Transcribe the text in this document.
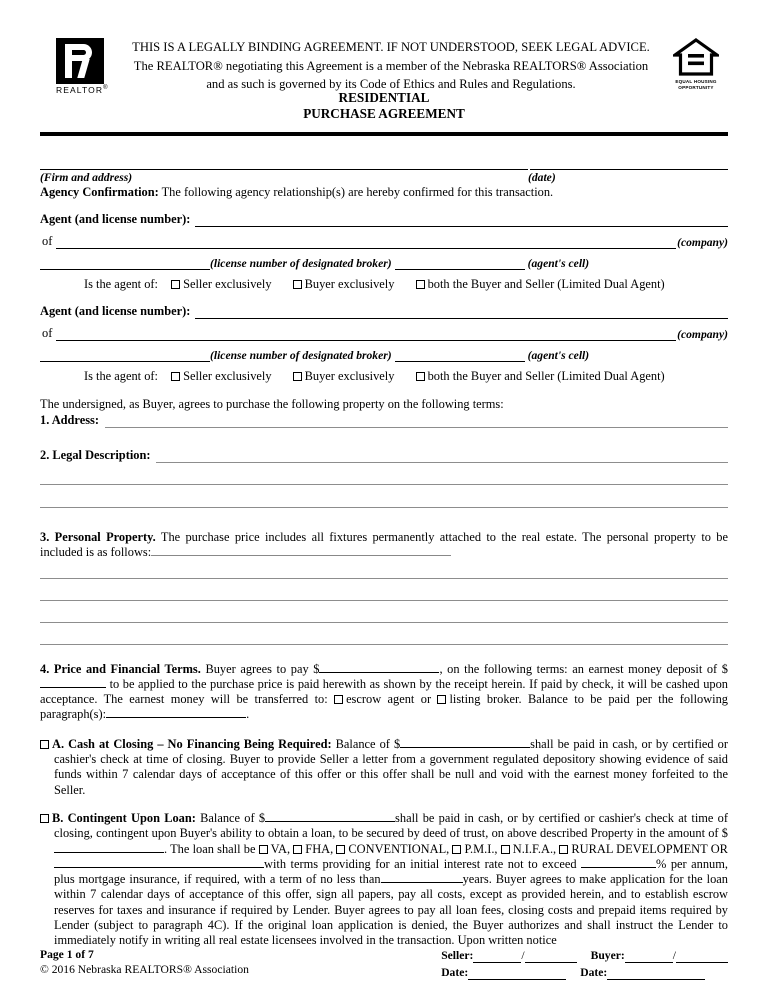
REALTOR®
THIS IS A LEGALLY BINDING AGREEMENT. IF NOT UNDERSTOOD, SEEK LEGAL ADVICE.
The REALTOR® negotiating this Agreement is a member of the Nebraska REALTORS® Association
and as such is governed by its Code of Ethics and Rules and Regulations.	EQUAL HOUSING
OPPORTUNITY
RESIDENTIAL
PURCHASE AGREEMENT
(Firm and address)	(date)
Agency Confirmation: The following agency relationship(s) are hereby confirmed for this transaction.
Agent (and license number):
of	(company)
(license number of designated broker)	(agent's cell)
Is the agent of: Seller exclusively	Buyer exclusively	both the Buyer and Seller (Limited Dual Agent)
Agent (and license number):
of	(company)
(license number of designated broker)	(agent's cell)
Is the agent of: Seller exclusively	Buyer exclusively	both the Buyer and Seller (Limited Dual Agent)
The undersigned, as Buyer, agrees to purchase the following property on the following terms:
1. Address:
2. Legal Description:
3. Personal Property. The purchase price includes all fixtures permanently attached to the real estate. The personal property to be included is as follows:
4. Price and Financial Terms. Buyer agrees to pay $	, on the following terms: an earnest money deposit of $ to be applied to the purchase price is paid herewith as shown by the receipt herein. If paid by check, it will be cashed upon acceptance. The earnest money will be transferred to: escrow agent or listing broker. Balance to be paid per the following paragraph(s):	.
A. Cash at Closing – No Financing Being Required: Balance of $	shall be paid in cash, or by certified or cashier's check at time of closing. Buyer to provide Seller a letter from a government regulated depository showing evidence of said funds within 7 calendar days of acceptance of this offer or this offer shall be null and void with the earnest money forfeited to the Seller.
B. Contingent Upon Loan: Balance of $	shall be paid in cash, or by certified or cashier's check at time of closing, contingent upon Buyer's ability to obtain a loan, to be secured by deed of trust, on above described Property in the amount of $. The loan shall be VA, FHA, CONVENTIONAL, P.M.I., N.I.F.A., RURAL DEVELOPMENT ORwith terms providing for an initial interest rate not to exceed	% per annum, plus mortgage insurance, if required, with a term of no less than	years. Buyer agrees to make application for the loan within 7 calendar days of acceptance of this offer, sign all papers, pay all costs, except as provided herein, and to establish escrow reserves for taxes and insurance if required by Lender. Buyer agrees to pay all loan fees, closing costs and prepaid items required by Lender (subject to paragraph 4C). If the original loan application is denied, the Buyer authorizes and shall instruct the Lender to immediately notify in writing all real estate licensees involved in the transaction. Upon written notice
Page 1 of 7
© 2016 Nebraska REALTORS® Association
Seller:	/	Buyer:	/
Date:	Date:
